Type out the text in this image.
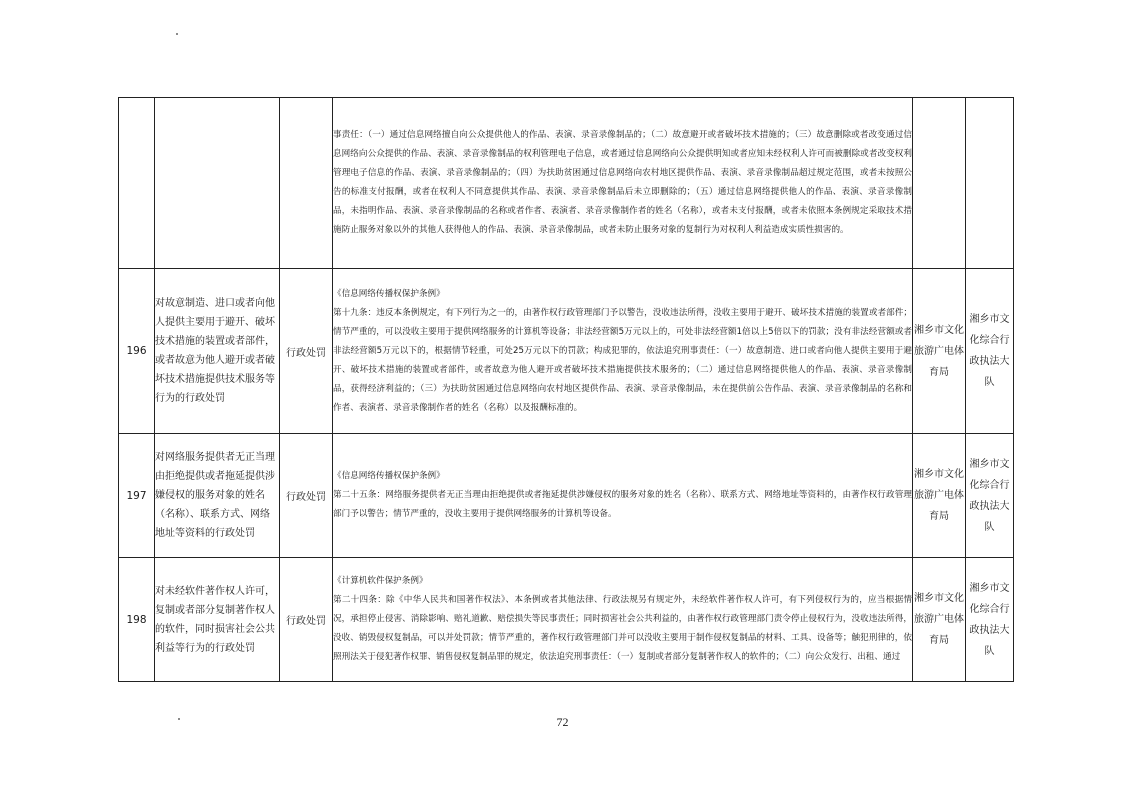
			事责任：（一）通过信息网络擅自向公众提供他人的作品、表演、录音录像制品的；（二）故意避开或者破坏技术措施的；（三）故意删除或者改变通过信息网络向公众提供的作品、表演、录音录像制品的权利管理电子信息，或者通过信息网络向公众提供明知或者应知未经权利人许可而被删除或者改变权利管理电子信息的作品、表演、录音录像制品的；（四）为扶助贫困通过信息网络向农村地区提供作品、表演、录音录像制品超过规定范围，或者未按照公告的标准支付报酬，或者在权利人不同意提供其作品、表演、录音录像制品后未立即删除的；（五）通过信息网络提供他人的作品、表演、录音录像制品，未指明作品、表演、录音录像制品的名称或者作者、表演者、录音录像制作者的姓名（名称），或者未支付报酬，或者未依照本条例规定采取技术措施防止服务对象以外的其他人获得他人的作品、表演、录音录像制品，或者未防止服务对象的复制行为对权利人利益造成实质性损害的。		

196	对故意制造、进口或者向他人提供主要用于避开、破坏技术措施的装置或者部件，或者故意为他人避开或者破坏技术措施提供技术服务等行为的行政处罚	行政处罚	《信息网络传播权保护条例》

第十九条：违反本条例规定，有下列行为之一的，由著作权行政管理部门予以警告，没收违法所得，没收主要用于避开、破坏技术措施的装置或者部件；情节严重的，可以没收主要用于提供网络服务的计算机等设备；非法经营额5万元以上的，可处非法经营额1倍以上5倍以下的罚款；没有非法经营额或者非法经营额5万元以下的，根据情节轻重，可处25万元以下的罚款；构成犯罪的，依法追究刑事责任：（一）故意制造、进口或者向他人提供主要用于避开、破坏技术措施的装置或者部件，或者故意为他人避开或者破坏技术措施提供技术服务的；（二）通过信息网络提供他人的作品、表演、录音录像制品，获得经济利益的；（三）为扶助贫困通过信息网络向农村地区提供作品、表演、录音录像制品，未在提供前公告作品、表演、录音录像制品的名称和作者、表演者、录音录像制作者的姓名（名称）以及报酬标准的。	湘乡市文化旅游广电体育局	湘乡市文化综合行政执法大队
197	对网络服务提供者无正当理由拒绝提供或者拖延提供涉嫌侵权的服务对象的姓名（名称）、联系方式、网络地址等资料的行政处罚	行政处罚	《信息网络传播权保护条例》

第二十五条：网络服务提供者无正当理由拒绝提供或者拖延提供涉嫌侵权的服务对象的姓名（名称）、联系方式、网络地址等资料的，由著作权行政管理部门予以警告；情节严重的，没收主要用于提供网络服务的计算机等设备。	湘乡市文化旅游广电体育局	湘乡市文化综合行政执法大队
198	对未经软件著作权人许可，复制或者部分复制著作权人的软件，同时损害社会公共利益等行为的行政处罚	行政处罚	《计算机软件保护条例》

第二十四条：除《中华人民共和国著作权法》、本条例或者其他法律、行政法规另有规定外，未经软件著作权人许可，有下列侵权行为的，应当根据情况，承担停止侵害、消除影响、赔礼道歉、赔偿损失等民事责任；同时损害社会公共利益的，由著作权行政管理部门责令停止侵权行为，没收违法所得，没收、销毁侵权复制品，可以并处罚款；情节严重的，著作权行政管理部门并可以没收主要用于制作侵权复制品的材料、工具、设备等；触犯刑律的，依照刑法关于侵犯著作权罪、销售侵权复制品罪的规定，依法追究刑事责任：（一）复制或者部分复制著作权人的软件的；（二）向公众发行、出租、通过	湘乡市文化旅游广电体育局	湘乡市文化综合行政执法大队
72
